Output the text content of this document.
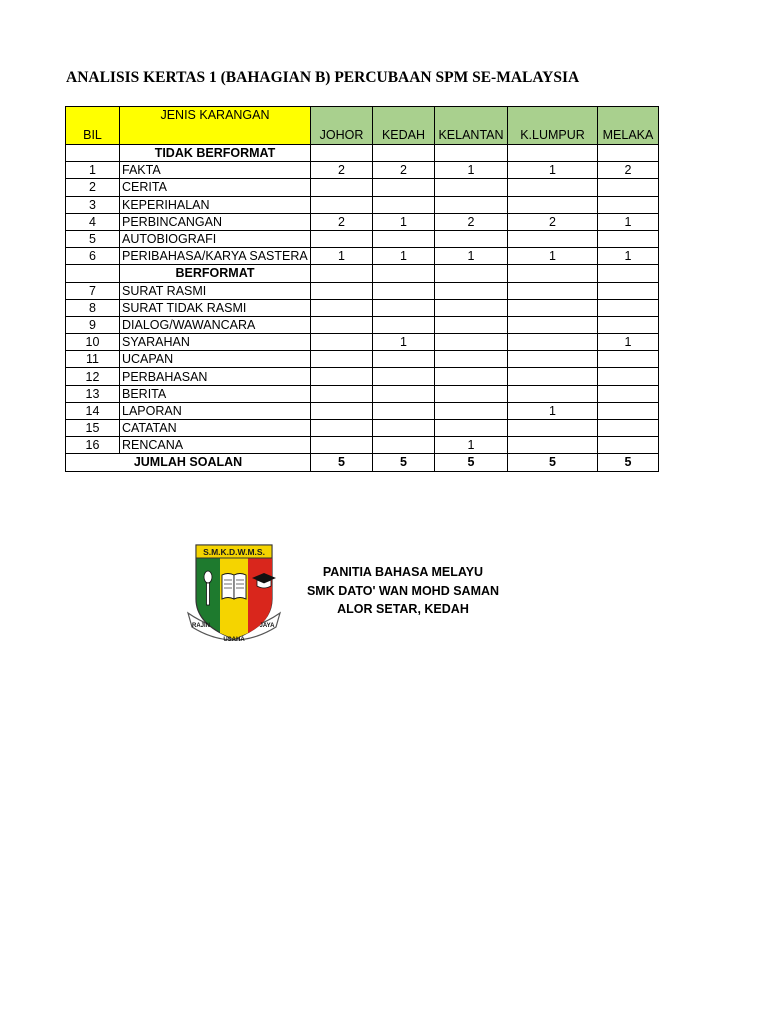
ANALISIS KERTAS 1 (BAHAGIAN B) PERCUBAAN SPM SE-MALAYSIA
BIL	JENIS KARANGAN	JOHOR	KEDAH	KELANTAN	K.LUMPUR	MELAKA
	TIDAK BERFORMAT					
1	FAKTA	2	2	1	1	2
2	CERITA					
3	KEPERIHALAN					
4	PERBINCANGAN	2	1	2	2	1
5	AUTOBIOGRAFI					
6	PERIBAHASA/KARYA SASTERA	1	1	1	1	1
	BERFORMAT					
7	SURAT RASMI					
8	SURAT TIDAK RASMI					
9	DIALOG/WAWANCARA					
10	SYARAHAN		1			1
11	UCAPAN					
12	PERBAHASAN					
13	BERITA					
14	LAPORAN				1	
15	CATATAN					
16	RENCANA			1		
JUMLAH SOALAN		5	5	5	5	5
S.M.K.D.W.M.S.
RAJIN
USAHA
JAYA
PANITIA BAHASA MELAYU
SMK DATO' WAN MOHD SAMAN
ALOR SETAR, KEDAH
